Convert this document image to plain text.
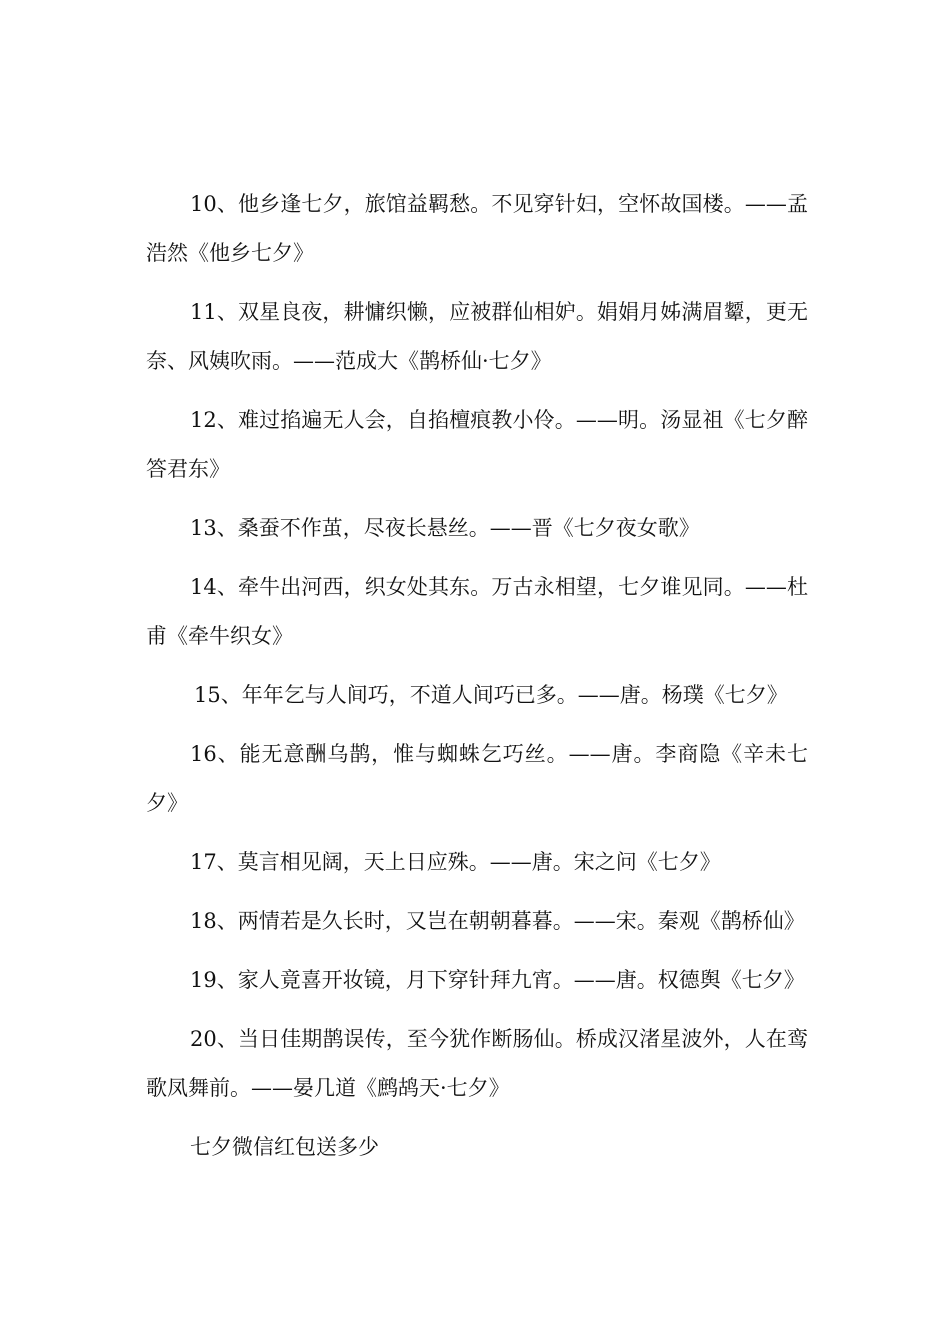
10、他乡逢七夕，旅馆益羁愁。不见穿针妇，空怀故国楼。——孟浩然《他乡七夕》

11、双星良夜，耕慵织懒，应被群仙相妒。娟娟月姊满眉颦，更无奈、风姨吹雨。——范成大《鹊桥仙·七夕》

12、难过掐遍无人会，自掐檀痕教小伶。——明。汤显祖《七夕醉答君东》

13、桑蚕不作茧，尽夜长悬丝。——晋《七夕夜女歌》

14、牵牛出河西，织女处其东。万古永相望，七夕谁见同。——杜甫《牵牛织女》

15、年年乞与人间巧，不道人间巧已多。——唐。杨璞《七夕》

16、能无意酬乌鹊，惟与蜘蛛乞巧丝。——唐。李商隐《辛未七夕》

17、莫言相见阔，天上日应殊。——唐。宋之问《七夕》

18、两情若是久长时，又岂在朝朝暮暮。——宋。秦观《鹊桥仙》

19、家人竟喜开妆镜，月下穿针拜九宵。——唐。权德舆《七夕》

20、当日佳期鹊误传，至今犹作断肠仙。桥成汉渚星波外，人在鸾歌凤舞前。——晏几道《鹧鸪天·七夕》

七夕微信红包送多少
